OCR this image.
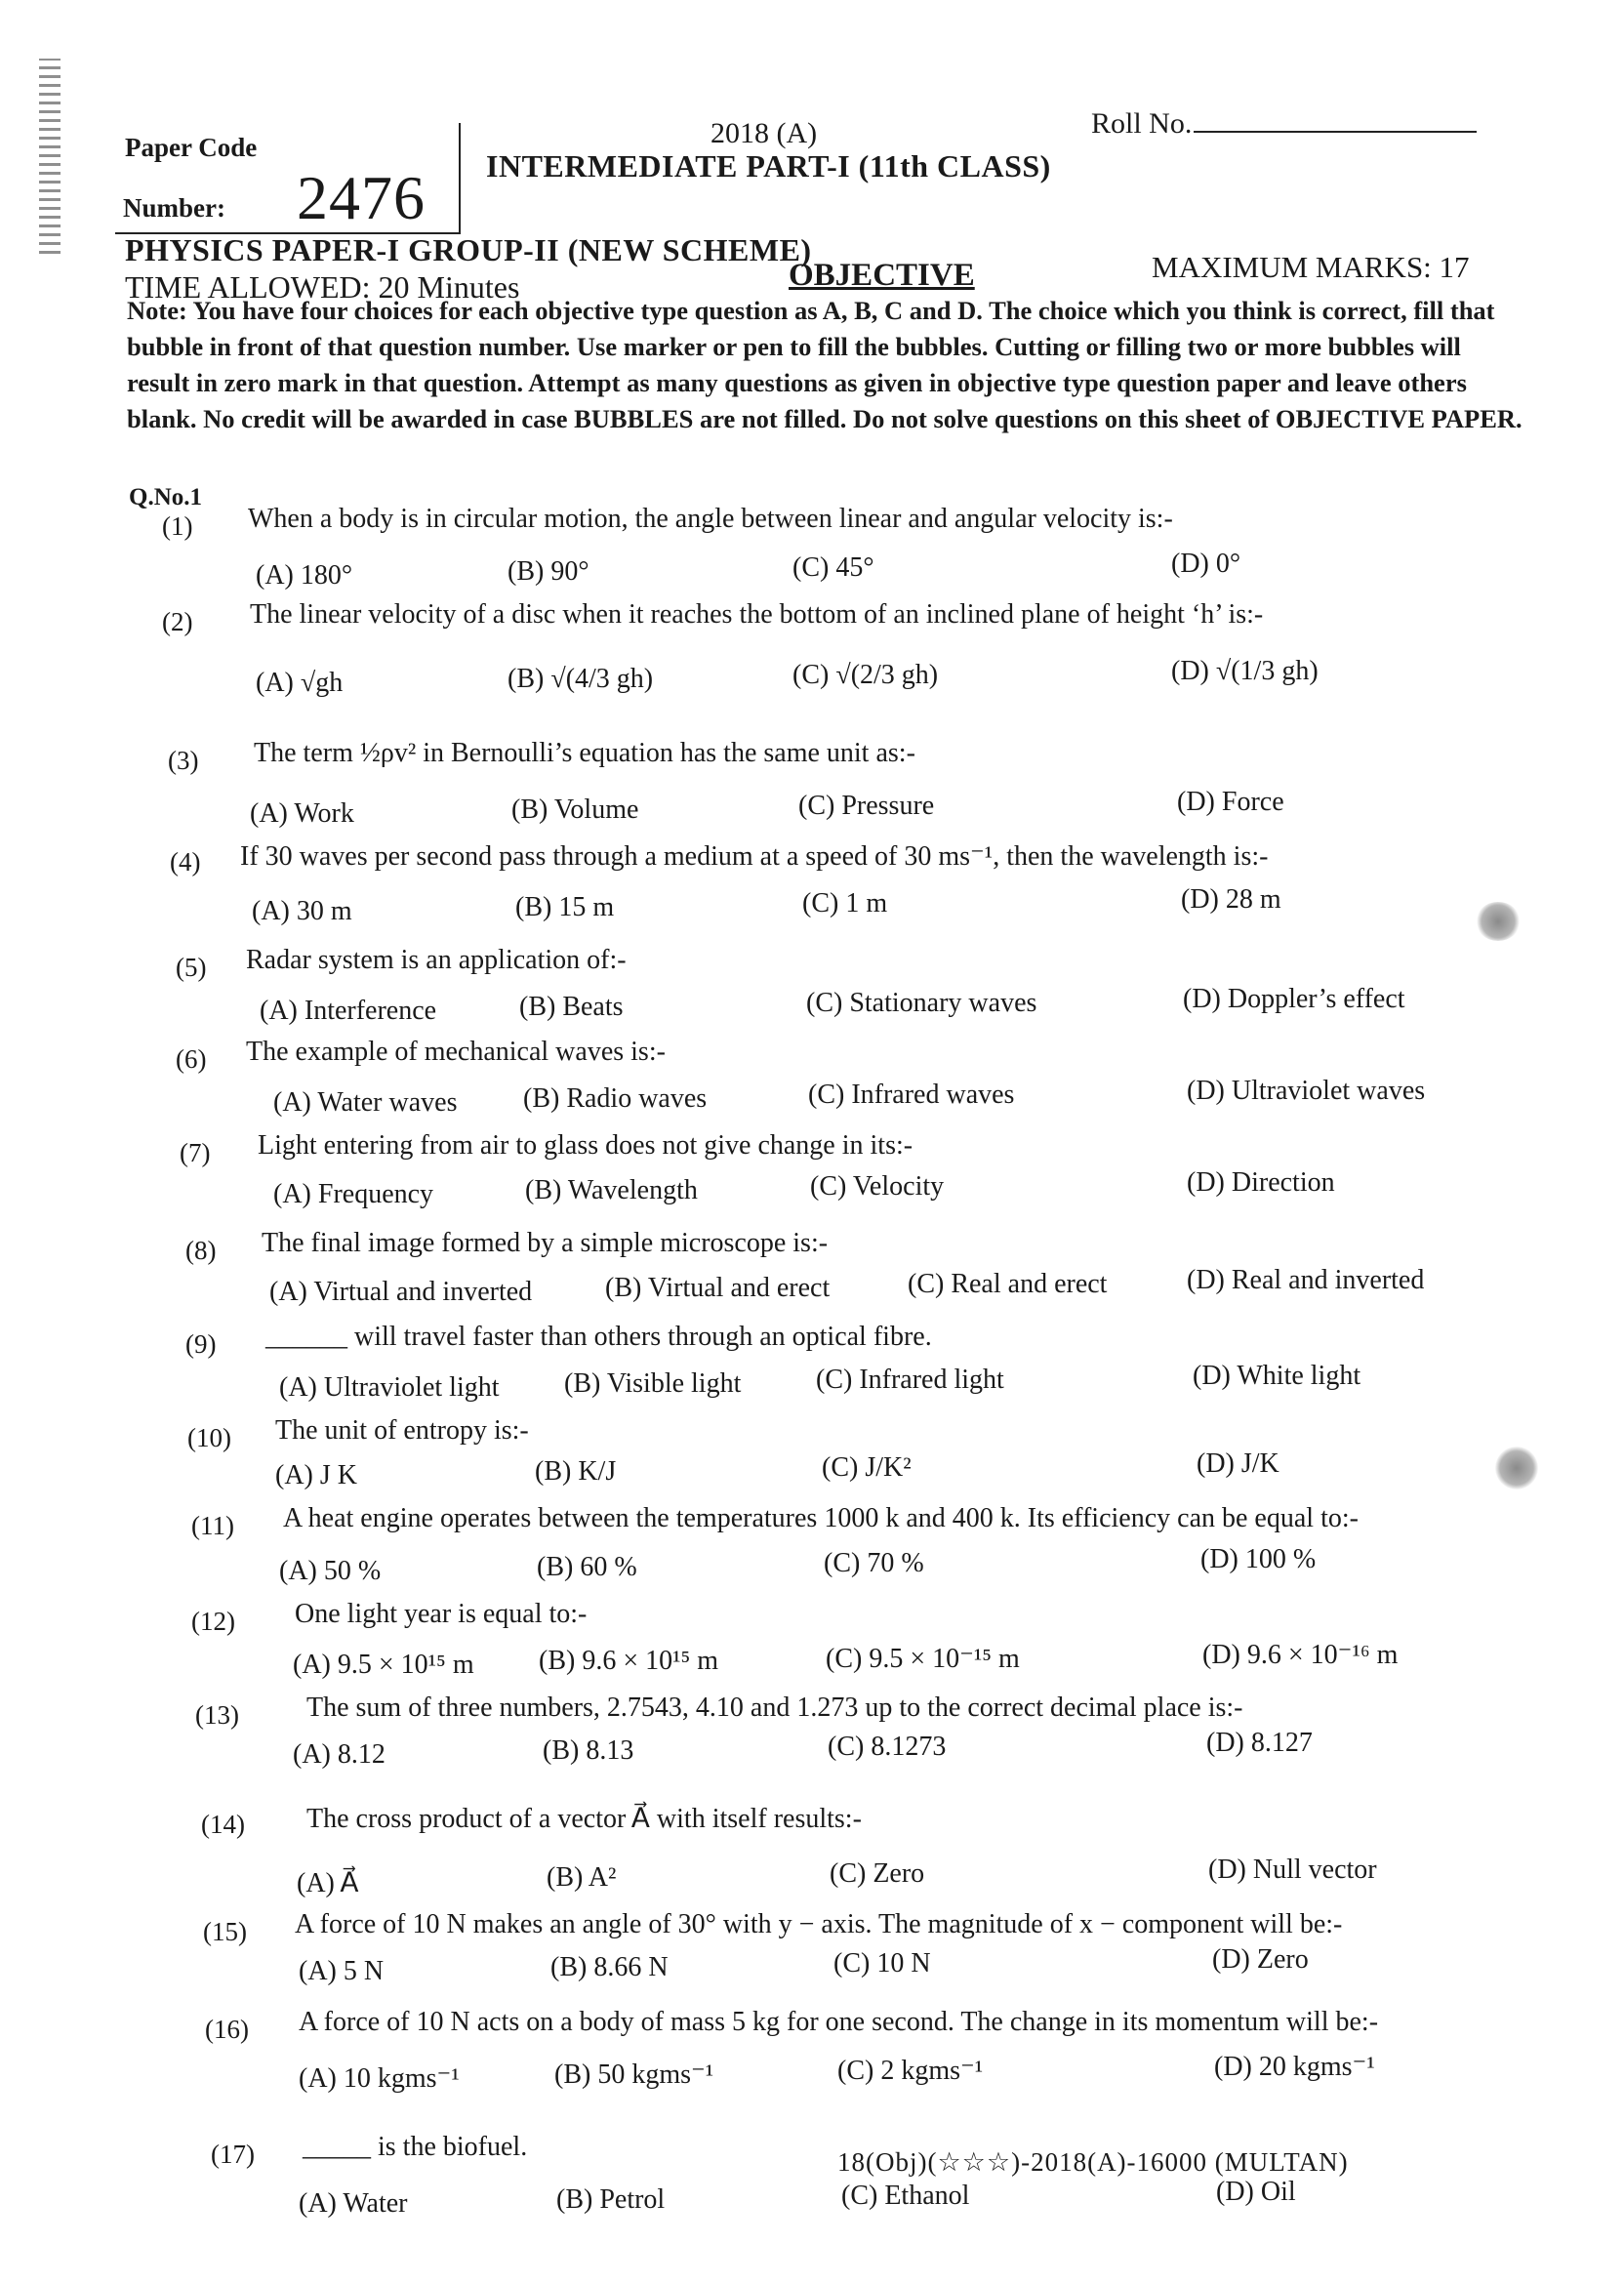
Paper Code
Number: 2476
2018 (A)	Roll No.
INTERMEDIATE PART-I (11th CLASS)
PHYSICS PAPER-I GROUP-II (NEW SCHEME)
TIME ALLOWED: 20 Minutes	OBJECTIVE	MAXIMUM MARKS: 17
Note: You have four choices for each objective type question as A, B, C and D. The choice which you think is correct, fill that bubble in front of that question number. Use marker or pen to fill the bubbles. Cutting or filling two or more bubbles will result in zero mark in that question. Attempt as many questions as given in objective type question paper and leave others blank. No credit will be awarded in case BUBBLES are not filled. Do not solve questions on this sheet of OBJECTIVE PAPER.
Q.No.1
(1) When a body is in circular motion, the angle between linear and angular velocity is:-
(A) 180°	(B) 90°	(C) 45°	(D) 0°
(2) The linear velocity of a disc when it reaches the bottom of an inclined plane of height ‘h’ is:-
(A) √gh	(B) √(4/3 gh)	(C) √(2/3 gh)	(D) √(1/3 gh)
(3) The term ½ρv² in Bernoulli’s equation has the same unit as:-
(A) Work	(B) Volume	(C) Pressure	(D) Force
(4) If 30 waves per second pass through a medium at a speed of 30 ms⁻¹, then the wavelength is:-
(A) 30 m	(B) 15 m	(C) 1 m	(D) 28 m
(5) Radar system is an application of:-
(A) Interference	(B) Beats	(C) Stationary waves	(D) Doppler’s effect
(6) The example of mechanical waves is:-
(A) Water waves (B) Radio waves	(C) Infrared waves	(D) Ultraviolet waves
(7) Light entering from air to glass does not give change in its:-
(A) Frequency	(B) Wavelength	(C) Velocity	(D) Direction
(8) The final image formed by a simple microscope is:-
(A) Virtual and inverted	(B) Virtual and erect	(C) Real and erect	(D) Real and inverted
(9) ______ will travel faster than others through an optical fibre.
(A) Ultraviolet light (B) Visible light	(C) Infrared light	(D) White light
(10) The unit of entropy is:-
(A) J K	(B) K/J	(C) J/K²	(D) J/K
(11) A heat engine operates between the temperatures 1000 k and 400 k. Its efficiency can be equal to:-
(A) 50 %	(B) 60 %	(C) 70 %	(D) 100 %
(12) One light year is equal to:-
(A) 9.5 × 10¹⁵ m (B) 9.6 × 10¹⁵ m	(C) 9.5 × 10⁻¹⁵ m	(D) 9.6 × 10⁻¹⁶ m
(13) The sum of three numbers, 2.7543, 4.10 and 1.273 up to the correct decimal place is:-
(A) 8.12	(B) 8.13	(C) 8.1273	(D) 8.127
(14) The cross product of a vector A⃗ with itself results:-
(A) A⃗	(B) A²	(C) Zero	(D) Null vector
(15) A force of 10 N makes an angle of 30° with y − axis. The magnitude of x − component will be:-
(A) 5 N	(B) 8.66 N	(C) 10 N	(D) Zero
(16) A force of 10 N acts on a body of mass 5 kg for one second. The change in its momentum will be:-
(A) 10 kgms⁻¹	(B) 50 kgms⁻¹	(C) 2 kgms⁻¹	(D) 20 kgms⁻¹
(17) _____ is the biofuel.
(A) Water	(B) Petrol	(C) Ethanol	(D) Oil
18(Obj)(☆☆☆)-2018(A)-16000 (MULTAN)
